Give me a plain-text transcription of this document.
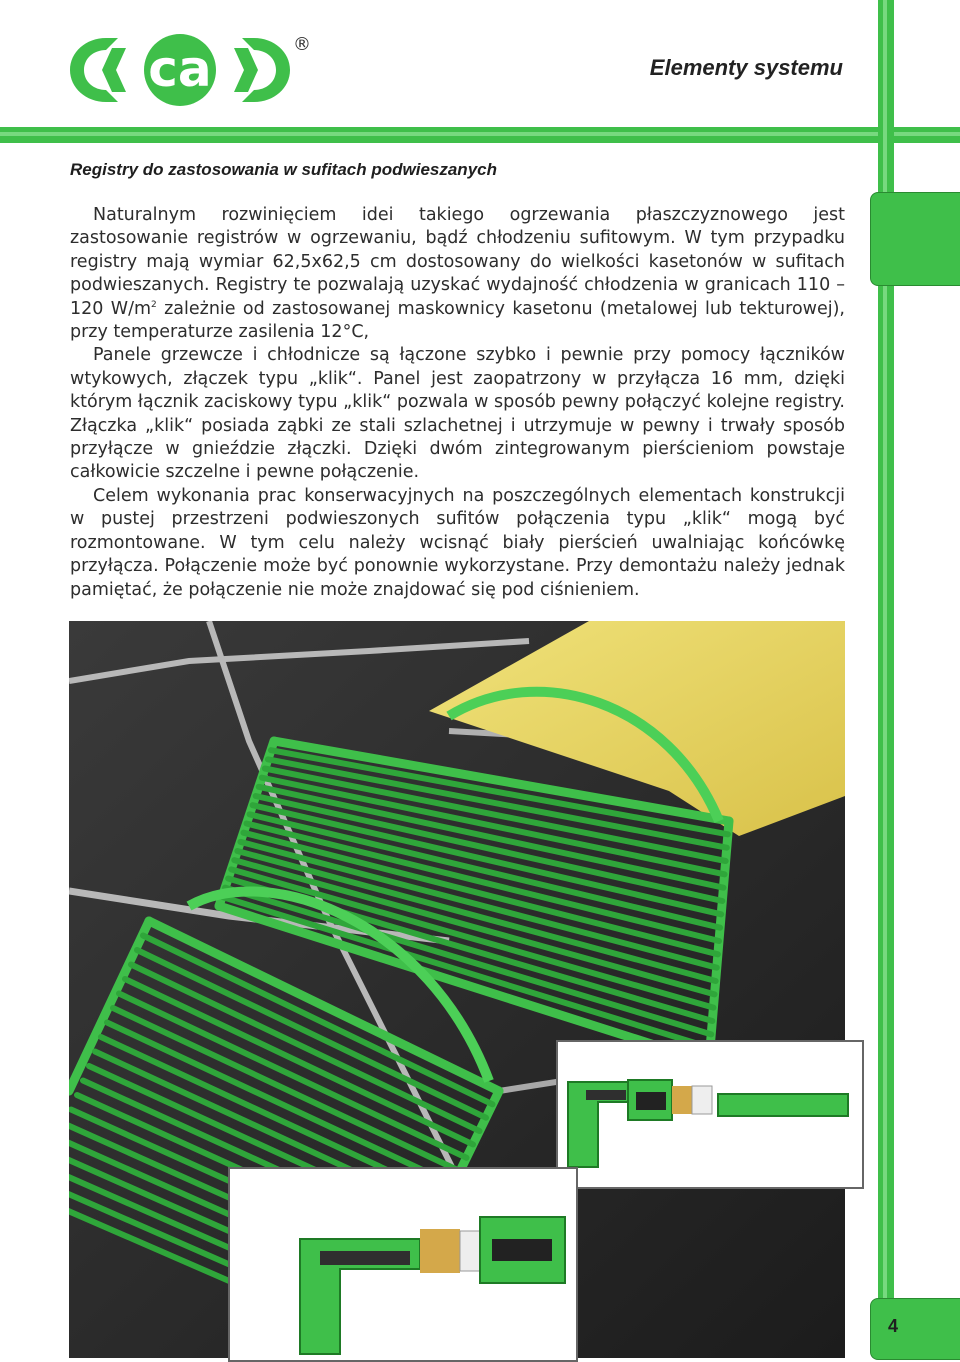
ca	®
Elementy systemu
Registry do zastosowania w sufitach podwieszanych

Naturalnym rozwinięciem idei takiego ogrzewania płaszczyznowego jest zastosowanie registrów w ogrzewaniu, bądź chłodzeniu sufitowym. W tym przypadku registry mają wymiar 62,5x62,5 cm dostosowany do wielkości kasetonów w sufitach podwieszanych. Registry te pozwalają uzyskać wydajność chłodzenia w granicach 110 – 120 $W/m^2$ zależnie od zastosowanej maskownicy kasetonu (metalowej lub tekturowej), przy temperaturze zasilenia 12°C,

Panele grzewcze i chłodnicze są łączone szybko i pewnie przy pomocy łączników wtykowych, złączek typu „klik“. Panel jest zaopatrzony w przyłącza 16 mm, dzięki którym łącznik zaciskowy typu „klik“ pozwala w sposób pewny połączyć kolejne registry. Złączka „klik“ posiada ząbki ze stali szlachetnej i utrzymuje w pewny i trwały sposób przyłącze w gnieździe złączki. Dzięki dwóm zintegrowanym pierścieniom powstaje całkowicie szczelne i pewne połączenie.

Celem wykonania prac konserwacyjnych na poszczególnych elementach konstrukcji w pustej przestrzeni podwieszonych sufitów połączenia typu „klik“ mogą być rozmontowane. W tym celu należy wcisnąć biały pierścień uwalniając końcówkę przyłącza. Połączenie może być ponownie wykorzystane. Przy demontażu należy jednak pamiętać, że połączenie nie może znajdować się pod ciśnieniem.

4
